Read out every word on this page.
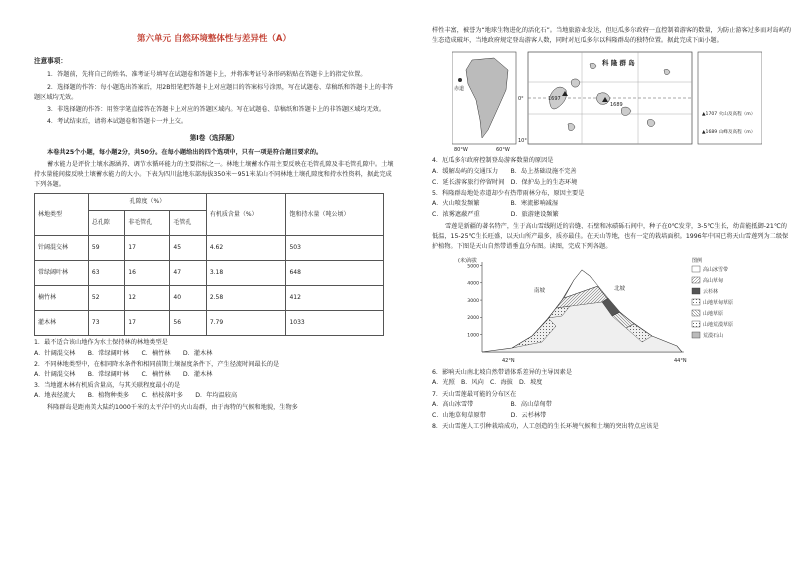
第六单元 自然环境整体性与差异性（A）
注意事项：
1．答题前，先将自己的姓名、准考证号填写在试题卷和答题卡上，并将准考证号条形码粘贴在答题卡上的指定位置。
2．选择题的作答：每小题选出答案后，用2B铅笔把答题卡上对应题目的答案标号涂黑，写在试题卷、草稿纸和答题卡上的非答题区域均无效。
3．非选择题的作答：用签字笔直接答在答题卡上对应的答题区域内。写在试题卷、草稿纸和答题卡上的非答题区域均无效。
4．考试结束后，请将本试题卷和答题卡一并上交。
第Ⅰ卷（选择题）
本卷共25个小题，每小题2分，共50分。在每小题给出的四个选项中，只有一项是符合题目要求的。
蓄水能力是评价土壤水源涵养、调节水循环能力的主要指标之一。林地土壤蓄水作用主要反映在毛管孔隙及非毛管孔隙中。土壤持水量能间接反映土壤蓄水能力的大小。下表为四川盆地东部海拔350米～951米某山不同林地土壤孔隙度和持水性资料，据此完成下列各题。
林地类型	孔隙度（%）			有机质含量（%）	饱和持水量（吨公顷）
	总孔隙	非毛管孔	毛管孔		
针阔混交林	59	17	45	4.62	503
常绿阔叶林	63	16	47	3.18	648
楠竹林	52	12	40	2.58	412
灌木林	73	17	56	7.79	1033
1．最不适合该山地作为水土保持林的林地类型是
A．针阔混交林　　B．常绿阔叶林　　C．楠竹林　　D．灌木林
2．不同林地类型中，在相同降水条件和相同前期土壤湿度条件下，产生径流时间最长的是
A．针阔混交林　　B．常绿阔叶林　　C．楠竹林　　D．灌木林
3．当地灌木林有机质含量高，与其关联程度最小的是
A．地表径流大　　B．植物种类多　　C．枯枝落叶多　　D．年均温较高
科隆群岛是距南美大陆约1000千米的太平洋中的火山岛群，由于海特的气候和地貌，生物多
样性丰富，被誉为“地球生物进化的活化石”。当地旅游业发达，但厄瓜多尔政府一直控制着游客的数量，为防止游客过多而对岛屿的生态造成破坏，当地政府规定登岛游客人数，同时对厄瓜多尔以科隆群岛的独特位置。据此完成下面小题。
赤道
科 隆 群 岛
1697
1689
0°
10°
80°W	60°W
▲1707 火山及高程（m）
▲1689 山峰及高程（m）
4．厄瓜多尔政府控制登岛游客数量的原因是
A．缓解岛屿的交通压力　　B．岛上基础设施不完善
C．延长游客旅行停留时间　D．保护岛上的生态环境
5．科隆群岛地处赤道却少有热带雨林分布，原因主要是
A．火山喷发频繁　　　　　B．寒流影响减湿
C．浓雾遮蔽严重　　　　　D．旅游建设频繁
雪莲是新疆的著名特产，生于高山雪线附近的岩缝、石壁和冰碛砾石间中，种子在0℃发芽，3-5℃生长，幼苗能抵御-21℃的低温，15-25℃生长旺盛，以天山所产最多，质亦最佳。在天山等地，也有一定的栽培面积。1996年中国已将天山雪莲列为二级保护植物。下图是天山自然带谱垂直分布图。读图，完成下列各题。
1000
2000
3000
4000
5000
高山冰雪带
高山草甸
云杉林
山地草甸草原
山地草原
山地荒漠草原
荒漠石山
(米)海拔
南坡	北坡
42°N	44°N
图例
6．影响天山南北坡自然带谱体系差异的主导因素是
A．光照　B．风向　C．海拔　D．坡度
7．天山雪莲最可能的分布区在
A．高山冰雪带　　　　　　B．高山草甸带
C．山地草甸草原带　　　　D．云杉林带
8．天山雪莲人工引种栽培成功，人工创造的生长环境气候和土壤的突出特点应该是
